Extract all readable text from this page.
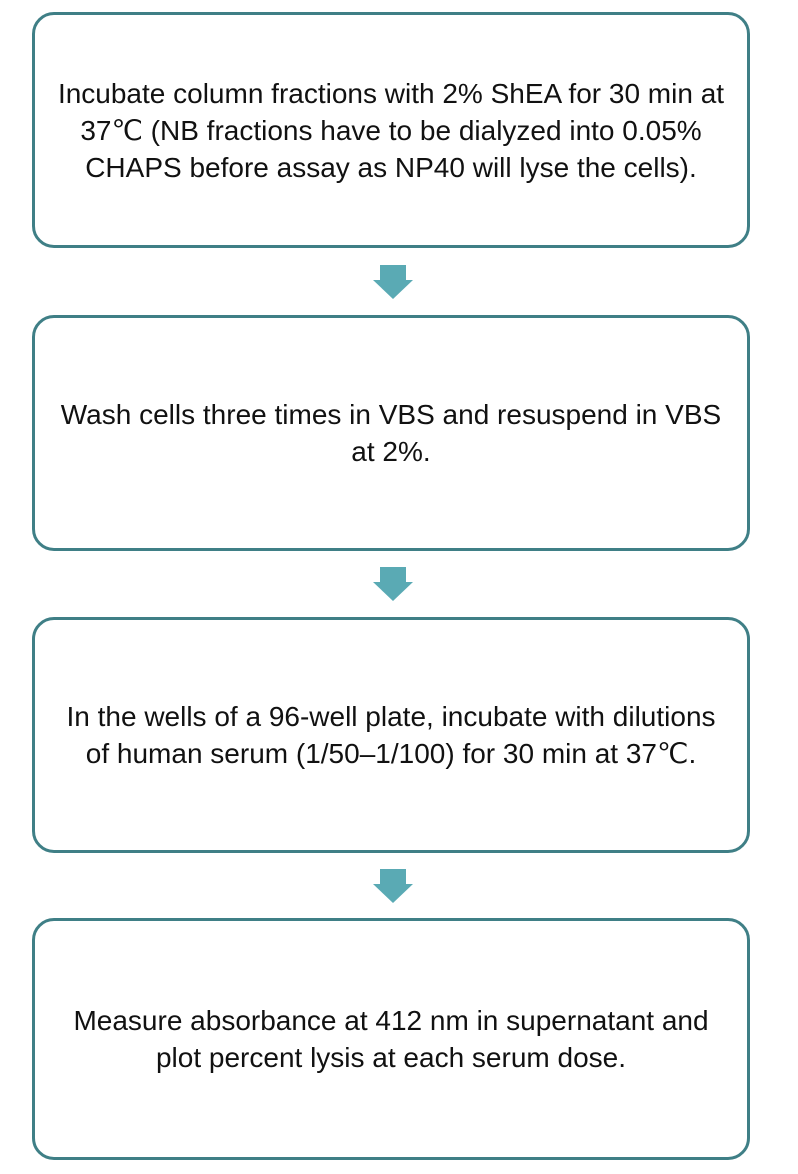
Incubate column fractions with 2% ShEA for 30 min at 37℃ (NB fractions have to be dialyzed into 0.05% CHAPS before assay as NP40 will lyse the cells).
Wash cells three times in VBS and resuspend in VBS at 2%.
In the wells of a 96-well plate, incubate with dilutions of human serum (1/50–1/100) for 30 min at 37℃.
Measure absorbance at 412 nm in supernatant and plot percent lysis at each serum dose.
